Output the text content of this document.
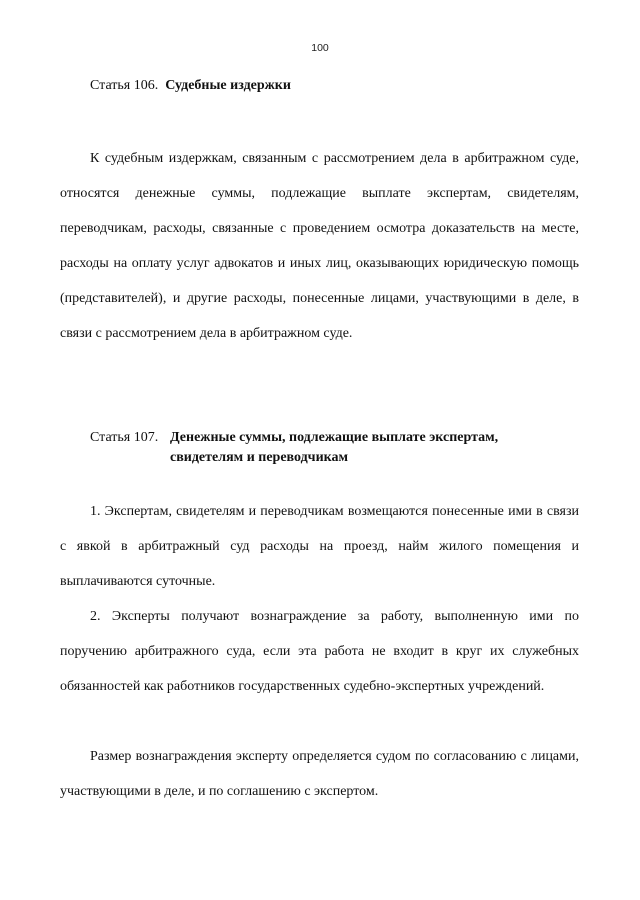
100
Статья 106. Судебные издержки

К судебным издержкам, связанным с рассмотрением дела в арбитражном суде, относятся денежные суммы, подлежащие выплате экспертам, свидетелям, переводчикам, расходы, связанные с проведением осмотра доказательств на месте, расходы на оплату услуг адвокатов и иных лиц, оказывающих юридическую помощь (представителей), и другие расходы, понесенные лицами, участвующими в деле, в связи с рассмотрением дела в арбитражном суде.

Статья 107. Денежные суммы, подлежащие выплате экспертам, свидетелям и переводчикам

1. Экспертам, свидетелям и переводчикам возмещаются понесенные ими в связи с явкой в арбитражный суд расходы на проезд, найм жилого помещения и выплачиваются суточные.

2. Эксперты получают вознаграждение за работу, выполненную ими по поручению арбитражного суда, если эта работа не входит в круг их служебных обязанностей как работников государственных судебно-экспертных учреждений.

Размер вознаграждения эксперту определяется судом по согласованию с лицами, участвующими в деле, и по соглашению с экспертом.
